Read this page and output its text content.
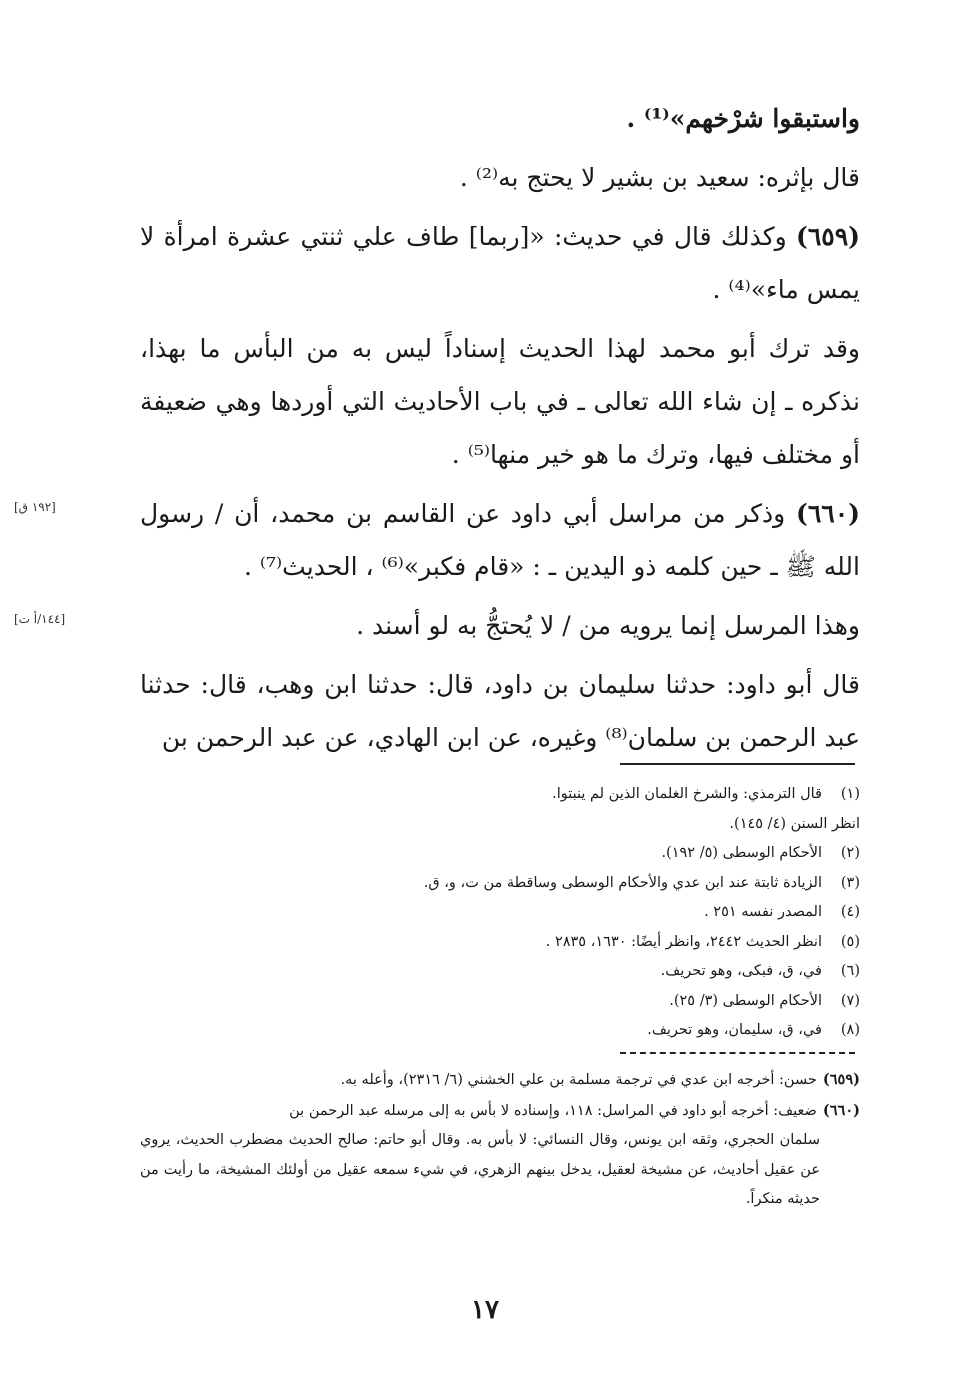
واستبقوا شرْخهم»⁽¹⁾ .

قال بإثره: سعيد بن بشير لا يحتج به⁽²⁾ .

(٦٥٩) وكذلك قال في حديث: «[ربما] طاف علي ثنتي عشرة امرأة لا يمس ماء»⁽⁴⁾ .

وقد ترك أبو محمد لهذا الحديث إسناداً ليس به من البأس ما بهذا، نذكره ـ إن شاء الله تعالى ـ في باب الأحاديث التي أوردها وهي ضعيفة أو مختلف فيها، وترك ما هو خير منها⁽⁵⁾ .

(٦٦٠) وذكر من مراسل أبي داود عن القاسم بن محمد، أن / رسول الله ﷺ ـ حين كلمه ذو اليدين ـ : «قام فكبر»⁽⁶⁾ ، الحديث⁽⁷⁾ .

وهذا المرسل إنما يرويه من / لا يُحتجُّ به لو أسند .

قال أبو داود: حدثنا سليمان بن داود، قال: حدثنا ابن وهب، قال: حدثنا عبد الرحمن بن سلمان⁽⁸⁾ وغيره، عن ابن الهادي، عن عبد الرحمن بن

[١٩٢ ق]
[١٤٤/أ ت]
(١)
قال الترمذي: والشرخ الغلمان الذين لم ينبتوا.
انظر السنن (٤/ ١٤٥).
(٢)
الأحكام الوسطى (٥/ ١٩٢).
(٣)
الزيادة ثابتة عند ابن عدي والأحكام الوسطى وساقطة من ت، و، ق.
(٤)
المصدر نفسه ٢٥١ .
(٥)
انظر الحديث ٢٤٤٢، وانظر أيضًا: ١٦٣٠، ٢٨٣٥ .
(٦)
في، ق، فبكى، وهو تحريف.
(٧)
الأحكام الوسطى (٣/ ٢٥).
(٨)
في، ق، سليمان، وهو تحريف.

(٦٥٩)حسن: أخرجه ابن عدي في ترجمة مسلمة بن علي الخشني (٦/ ٢٣١٦)، وأعله به.

(٦٦٠)ضعيف: أخرجه أبو داود في المراسل: ١١٨، وإسناده لا بأس به إلى مرسله عبد الرحمن بن

سلمان الحجري، وثقه ابن يونس، وقال النسائي: لا بأس به. وقال أبو حاتم: صالح الحديث مضطرب الحديث، يروي عن عقيل أحاديث، عن مشيخة لعقيل، يدخل بينهم الزهري، في شيء سمعه عقيل من أولئك المشيخة، ما رأيت من حديثه منكراً.

١٧
